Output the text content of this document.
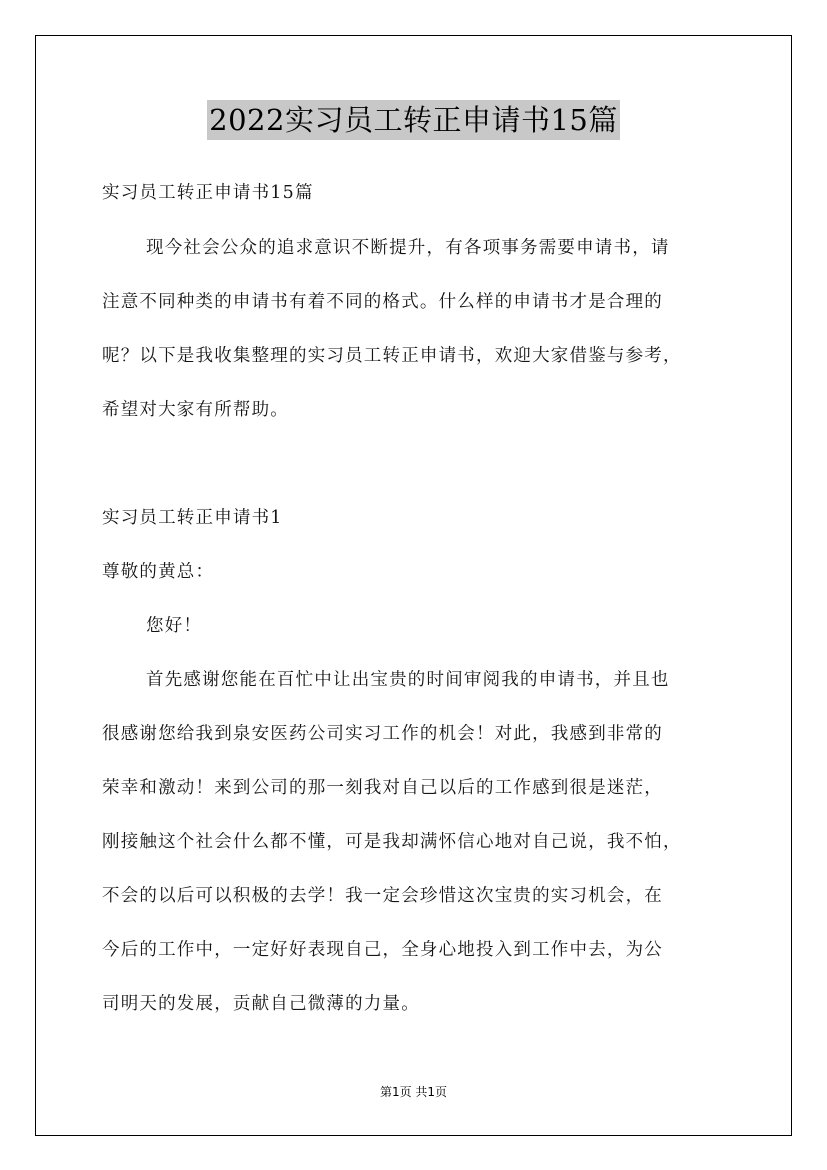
2022实习员工转正申请书15篇
实习员工转正申请书15篇
现今社会公众的追求意识不断提升，有各项事务需要申请书，请
注意不同种类的申请书有着不同的格式。什么样的申请书才是合理的
呢？以下是我收集整理的实习员工转正申请书，欢迎大家借鉴与参考，
希望对大家有所帮助。
实习员工转正申请书1
尊敬的黄总：
您好！
首先感谢您能在百忙中让出宝贵的时间审阅我的申请书，并且也
很感谢您给我到泉安医药公司实习工作的机会！对此，我感到非常的
荣幸和激动！来到公司的那一刻我对自己以后的工作感到很是迷茫，
刚接触这个社会什么都不懂，可是我却满怀信心地对自己说，我不怕，
不会的以后可以积极的去学！我一定会珍惜这次宝贵的实习机会，在
今后的工作中，一定好好表现自己，全身心地投入到工作中去，为公
司明天的发展，贡献自己微薄的力量。
第1页 共1页
